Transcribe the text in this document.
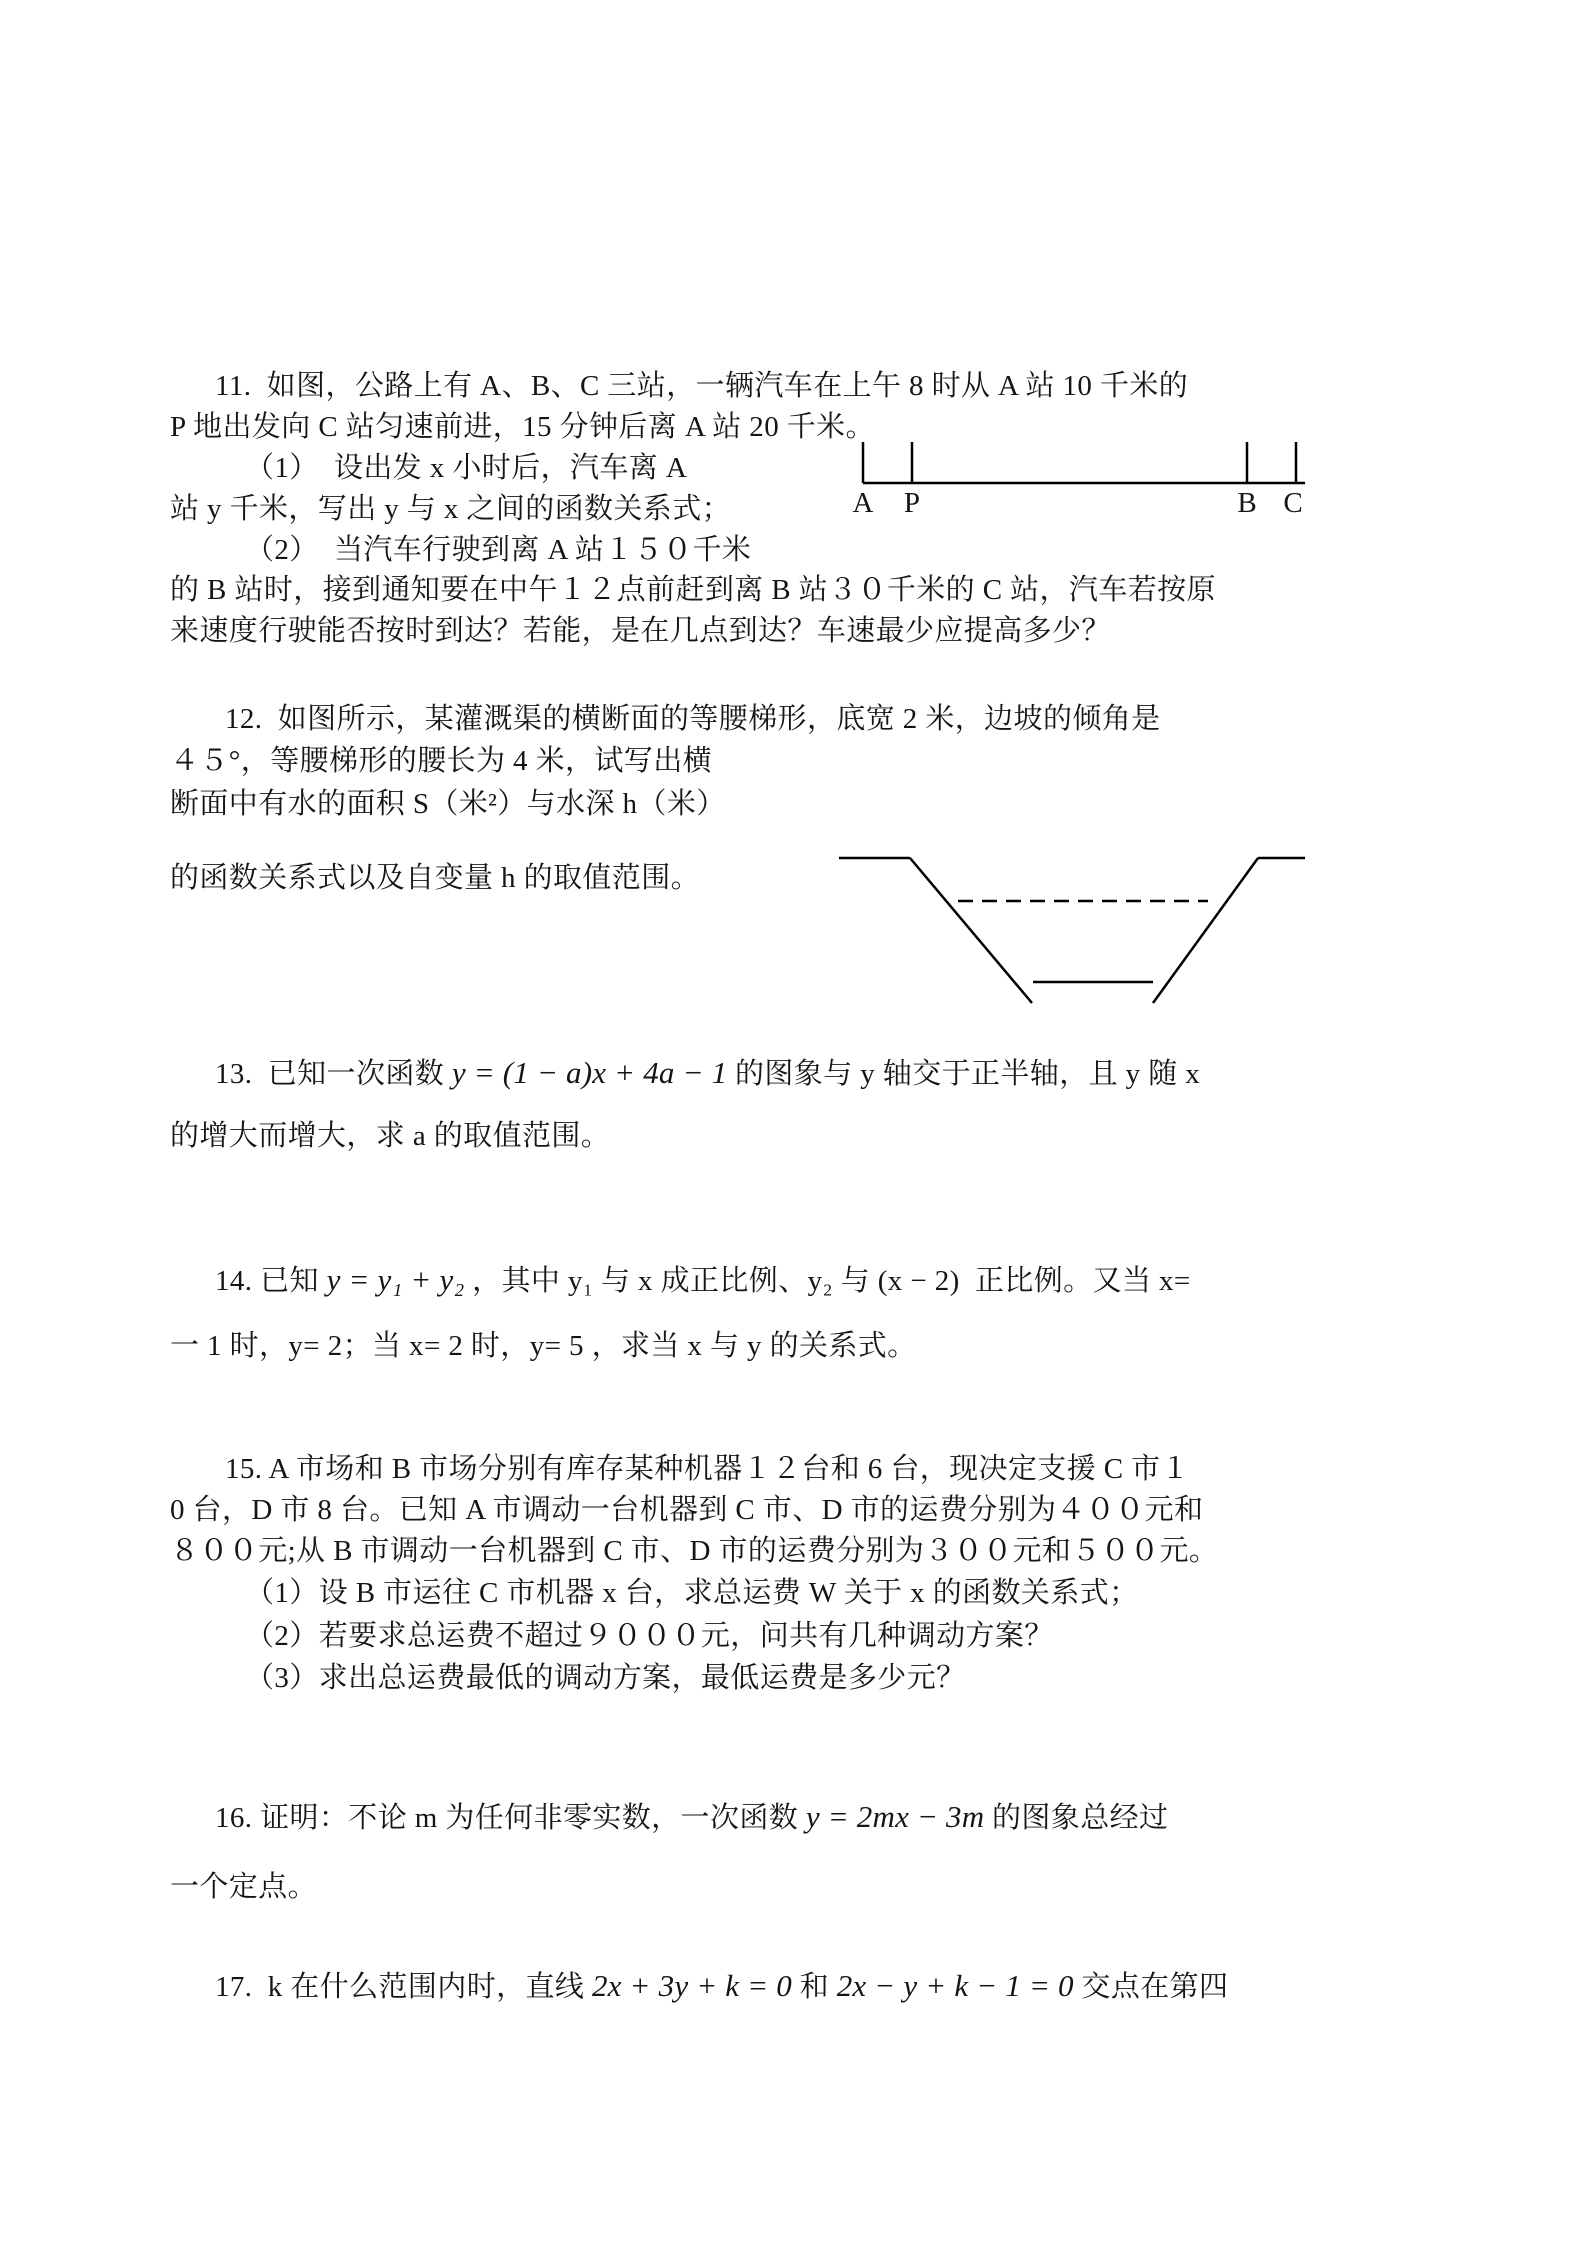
11.  如图，公路上有 A、B、C 三站，一辆汽车在上午 8 时从 A 站 10 千米的
P 地出发向 C 站匀速前进，15 分钟后离 A 站 20 千米。
（1）  设出发 x 小时后，汽车离 A
站 y 千米，写出 y 与 x 之间的函数关系式；
（2）  当汽车行驶到离 A 站１５０千米
的 B 站时，接到通知要在中午１２点前赶到离 B 站３０千米的 C 站，汽车若按原
来速度行驶能否按时到达？若能，是在几点到达？车速最少应提高多少？
A P	B C
12.  如图所示，某灌溉渠的横断面的等腰梯形，底宽 2 米，边坡的倾角是
４５°，等腰梯形的腰长为 4 米，试写出横
断面中有水的面积 S（米²）与水深 h（米）
的函数关系式以及自变量 h 的取值范围。
13.  已知一次函数 y = (1 − a)x + 4a − 1 的图象与 y 轴交于正半轴，且 y 随 x
的增大而增大，求 a 的取值范围。
14. 已知 y = y₁ + y₂ ，其中 y₁ 与 x 成正比例、y₂ 与 (x − 2)  正比例。又当 x=
一 1 时，y= 2；当 x= 2 时，y= 5 ，求当 x 与 y 的关系式。
15. A 市场和 B 市场分别有库存某种机器１２台和 6 台，现决定支援 C 市１
0 台，D 市 8 台。已知 A 市调动一台机器到 C 市、D 市的运费分别为４００元和
８００元;从 B 市调动一台机器到 C 市、D 市的运费分别为３００元和５００元。
（1）设 B 市运往 C 市机器 x 台，求总运费 W 关于 x 的函数关系式；
（2）若要求总运费不超过９０００元，问共有几种调动方案？
（3）求出总运费最低的调动方案，最低运费是多少元？
16. 证明：不论 m 为任何非零实数，一次函数 y = 2mx − 3m 的图象总经过
一个定点。
17.  k 在什么范围内时，直线 2x + 3y + k = 0 和 2x − y + k − 1 = 0 交点在第四
